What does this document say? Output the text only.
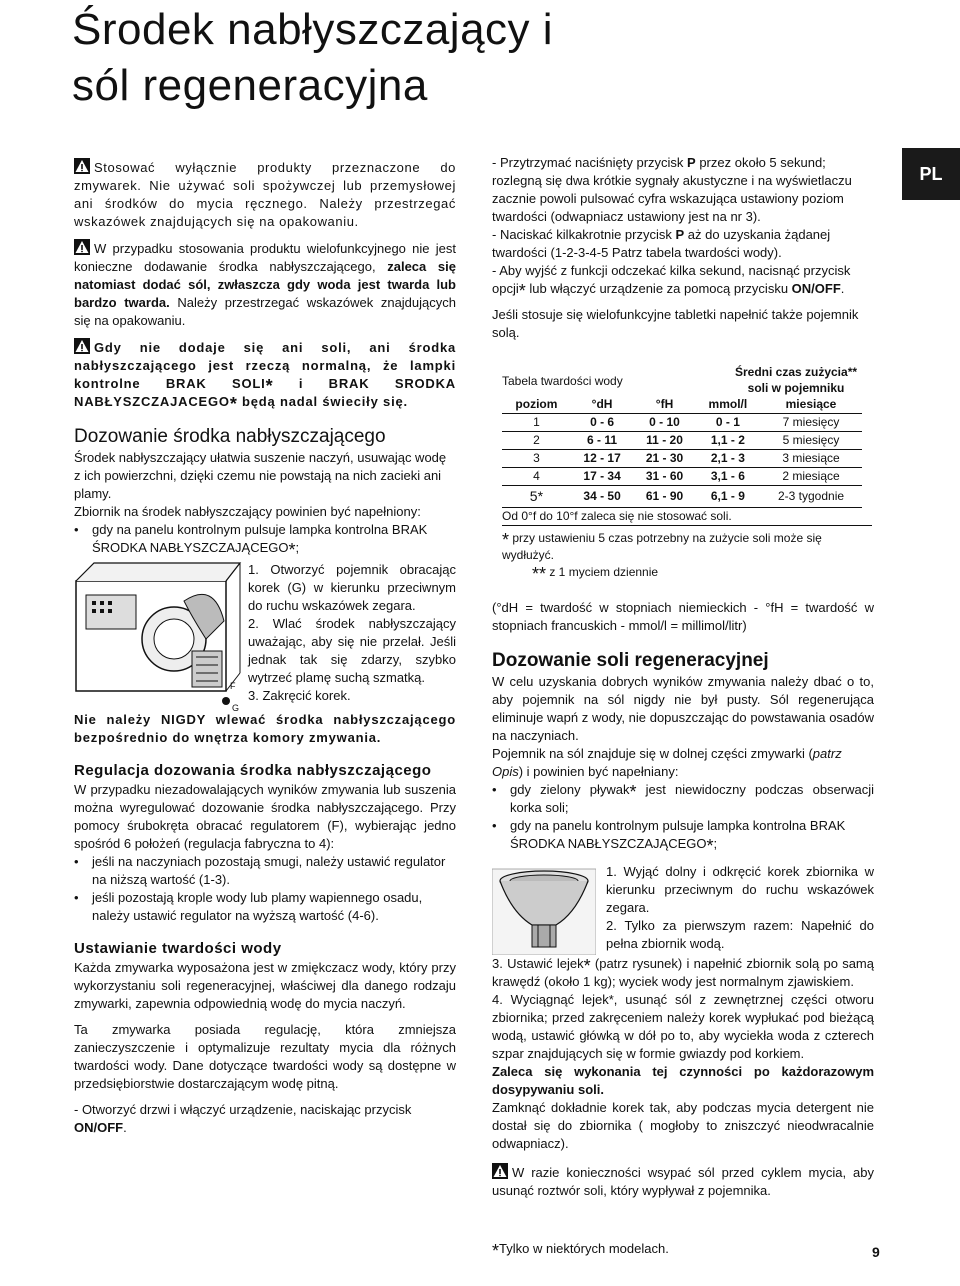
Środek nabłyszczający i
sól regeneracyjna
PL

Stosować wyłącznie produkty przeznaczone do zmywarek. Nie używać soli spożywczej lub przemysłowej ani środków do mycia ręcznego. Należy przestrzegać wskazówek znajdujących się na opakowaniu.

W przypadku stosowania produktu wielofunkcyjnego nie jest konieczne dodawanie środka nabłyszczającego, zaleca się natomiast dodać sól, zwłaszcza gdy woda jest twarda lub bardzo twarda. Należy przestrzegać wskazówek znajdujących się na opakowaniu.

Gdy nie dodaje się ani soli, ani środka nabłyszczającego jest rzeczą normalną, że lampki kontrolne BRAK SOLI* i BRAK SRODKA NABŁYSZCZAJACEGO* będą nadal świeciły się.

Dozowanie środka nabłyszczającego

Środek nabłyszczający ułatwia suszenie naczyń, usuwając wodę z ich powierzchni, dzięki czemu nie powstają na nich zacieki ani plamy.

Zbiornik na środek nabłyszczający powinien być napełniony:

• gdy na panelu kontrolnym pulsuje lampka kontrolna BRAK ŚRODKA NABŁYSZCZAJĄCEGO*;
F
G

1. Otworzyć pojemnik obracając korek (G) w kierunku przeciwnym do ruchu wskazówek zegara.

2. Wlać środek nabłyszczający uważając, aby się nie przelał. Jeśli jednak tak się zdarzy, szybko wytrzeć plamę suchą szmatką.

3. Zakręcić korek.

Nie należy NIGDY wlewać środka nabłyszczającego bezpośrednio do wnętrza komory zmywania.

Regulacja dozowania środka nabłyszczającego

W przypadku niezadowalających wyników zmywania lub suszenia można wyregulować dozowanie środka nabłyszczającego. Przy pomocy śrubokręta obracać regulatorem (F), wybierając jedno spośród 6 położeń (regulacja fabryczna to 4):

• jeśli na naczyniach pozostają smugi, należy ustawić regulator na niższą wartość (1-3).
• jeśli pozostają krople wody lub plamy wapiennego osadu, należy ustawić regulator na wyższą wartość (4-6).
Ustawianie twardości wody

Każda zmywarka wyposażona jest w zmiękczacz wody, który przy wykorzystaniu soli regeneracyjnej, właściwej dla danego rodzaju zmywarki, zapewnia odpowiednią wodę do mycia naczyń.

Ta zmywarka posiada regulację, która zmniejsza zanieczyszczenie i optymalizuje rezultaty mycia dla różnych twardości wody. Dane dotyczące twardości wody są dostępne w przedsiębiorstwie dostarczającym wodę pitną.

- Otworzyć drzwi i włączyć urządzenie, naciskając przycisk ON/OFF.

- Przytrzymać naciśnięty przycisk P przez około 5 sekund; rozlegną się dwa krótkie sygnały akustyczne i na wyświetlaczu zacznie powoli pulsować cyfra wskazująca ustawiony poziom twardości (odwapniacz ustawiony jest na nr 3).

- Naciskać kilkakrotnie przycisk P aż do uzyskania żądanej twardości (1-2-3-4-5 Patrz tabela twardości wody).

- Aby wyjść z funkcji odczekać kilka sekund, nacisnąć przycisk opcji* lub włączyć urządzenie za pomocą przycisku ON/OFF.

Jeśli stosuje się wielofunkcyjne tabletki napełnić także pojemnik solą.

Tabela twardości wody
Średni czas zużycia**
soli w pojemniku
poziom	°dH	°fH	mmol/l	miesiące
1	0 - 6	0 - 10	0 - 1	7 miesięcy
2	6 - 11	11 - 20	1,1 - 2	5 miesięcy
3	12 - 17	21 - 30	2,1 - 3	3 miesiące
4	17 - 34	31 - 60	3,1 - 6	2 miesiące
5*	34 - 50	61 - 90	6,1 - 9	2-3 tygodnie
Od 0°f do 10°f zaleca się nie stosować soli.
* przy ustawieniu 5 czas potrzebny na zużycie soli może się wydłużyć.
** z 1 myciem dziennie

(°dH = twardość w stopniach niemieckich - °fH = twardość w stopniach francuskich - mmol/l = millimol/litr)

Dozowanie soli regeneracyjnej

W celu uzyskania dobrych wyników zmywania należy dbać o to, aby pojemnik na sól nigdy nie był pusty. Sól regenerująca eliminuje wapń z wody, nie dopuszczając do powstawania osadów na naczyniach.

Pojemnik na sól znajduje się w dolnej części zmywarki (patrz Opis) i powinien być napełniany:

• gdy zielony pływak* jest niewidoczny podczas obserwacji korka soli;
• gdy na panelu kontrolnym pulsuje lampka kontrolna BRAK ŚRODKA NABŁYSZCZAJĄCEGO*;

1. Wyjąć dolny i odkręcić korek zbiornika w kierunku przeciwnym do ruchu wskazówek zegara.

2. Tylko za pierwszym razem: Napełnić do pełna zbiornik wodą.

3. Ustawić lejek* (patrz rysunek) i napełnić zbiornik solą po samą krawędź (około 1 kg); wyciek wody jest normalnym zjawiskiem.

4. Wyciągnąć lejek*, usunąć sól z zewnętrznej części otworu zbiornika; przed zakręceniem należy korek wypłukać pod bieżącą wodą, ustawić główką w dół po to, aby wyciekła woda z czterech szpar znajdujących się w formie gwiazdy pod korkiem.

Zaleca się wykonania tej czynności po każdorazowym dosypywaniu soli.

Zamknąć dokładnie korek tak, aby podczas mycia detergent nie dostał się do zbiornika ( mogłoby to zniszczyć nieodwracalnie odwapniacz).

W razie konieczności wsypać sól przed cyklem mycia, aby usunąć roztwór soli, który wypływał z pojemnika.

*Tylko w niektórych modelach.	9
